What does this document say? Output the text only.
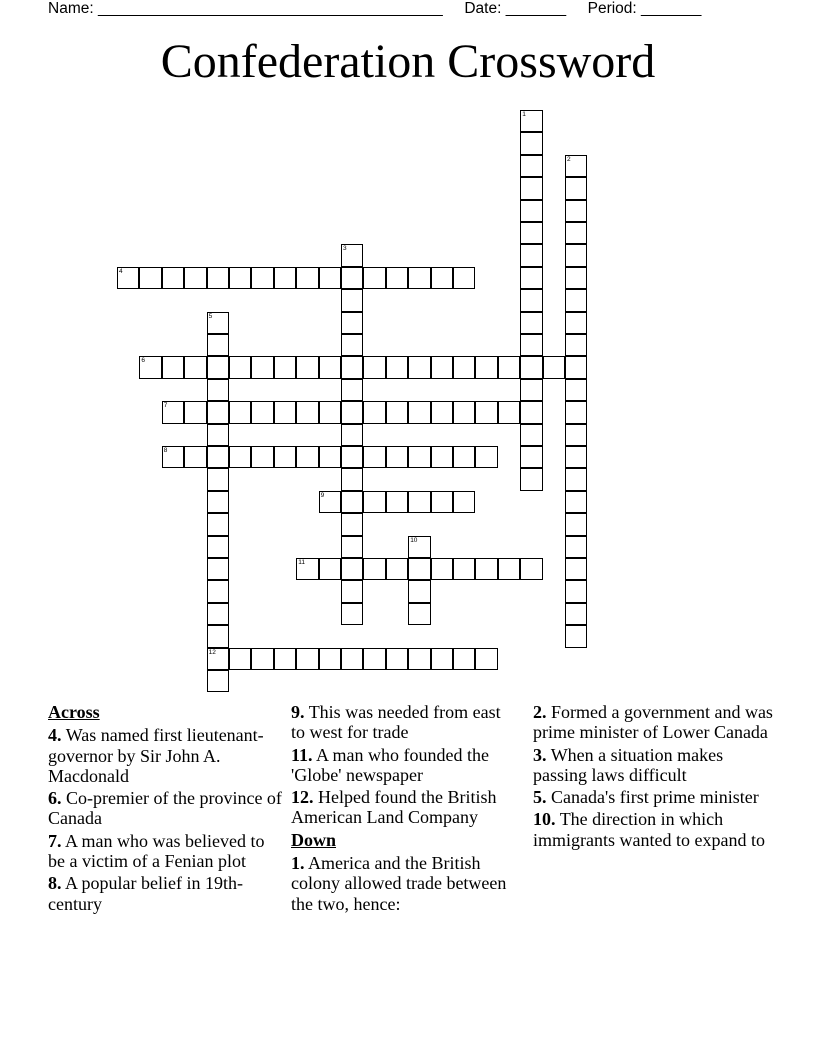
Name: ________________________________________ Date: _______ Period: _______
Confederation Crossword
1
2
3
4
5
12
6
7
8
9
10
11
Across
4. Was named first lieutenant-governor by Sir John A. Macdonald
6. Co-premier of the province of Canada
7. A man who was believed to be a victim of a Fenian plot
8. A popular belief in 19th- century
9. This was needed from east to west for trade
11. A man who founded the 'Globe' newspaper
12. Helped found the British American Land Company
Down
1. America and the British colony allowed trade between the two, hence:
2. Formed a government and was prime minister of Lower Canada
3. When a situation makes passing laws difficult
5. Canada's first prime minister
10. The direction in which immigrants wanted to expand to
